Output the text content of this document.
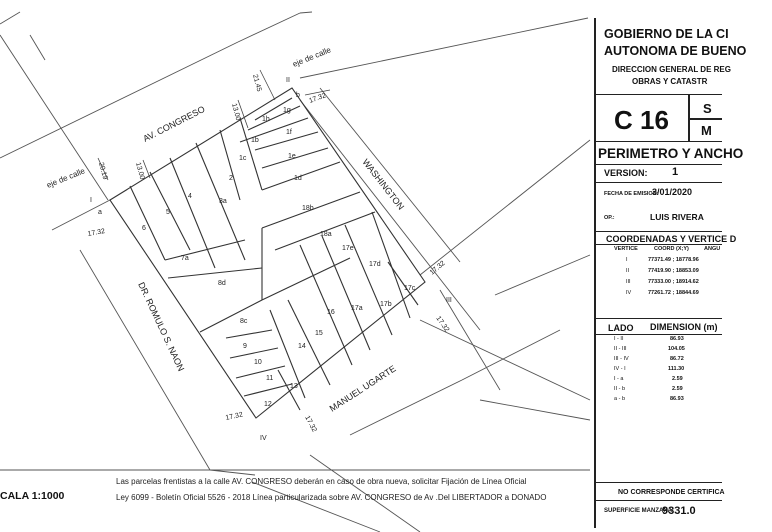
AV. CONGRESO
WASHINGTON
DR. ROMULO S. NAON
MANUEL UGARTE
eje de calle
eje de calle
21.45
13.00
13.00
20.19
17.32
17.32
17.32
17.32
17.32	17.32
I
II
III
IV
a
b
1g
1h
1b
1f
1c	1e
1d
2
3a
4
5
6
7a
8d
18b
18a
17e
17d
17c
17b
17a
16
15
14
8c
9
10
11
12
13
Las parcelas frentistas a la calle AV. CONGRESO deberán en caso de obra nueva, solicitar Fijación de Línea Oficial
Ley 6099 - Boletín Oficial 5526 - 2018 Línea particularizada sobre AV. CONGRESO de Av .Del LIBERTADOR a DONADO
CALA 1:1000
GOBIERNO DE LA CI
AUTONOMA DE BUENO
DIRECCION GENERAL DE REG
OBRAS Y CATASTR
C 16	S
M
PERIMETRO Y ANCHO
VERSION: 1
FECHA DE EMISION:
3/01/2020
OP.:	LUIS RIVERA
COORDENADAS Y VERTICE D
VERTICE	COORD (X;Y)	ANGU
I	77371.49 ; 18778.96
II	77419.90 ; 18853.09
III	77333.00 ; 18914.62
IV	77261.72 ; 18844.69
LADO DIMENSION (m)
I - II	86.93
II - III	104.05
III - IV	86.72
IV - I	111.30
I - a	2.59
II - b	2.59
a - b	86.93
NO CORRESPONDE CERTIFICA
SUPERFICIE MANZANA:
9331.0
